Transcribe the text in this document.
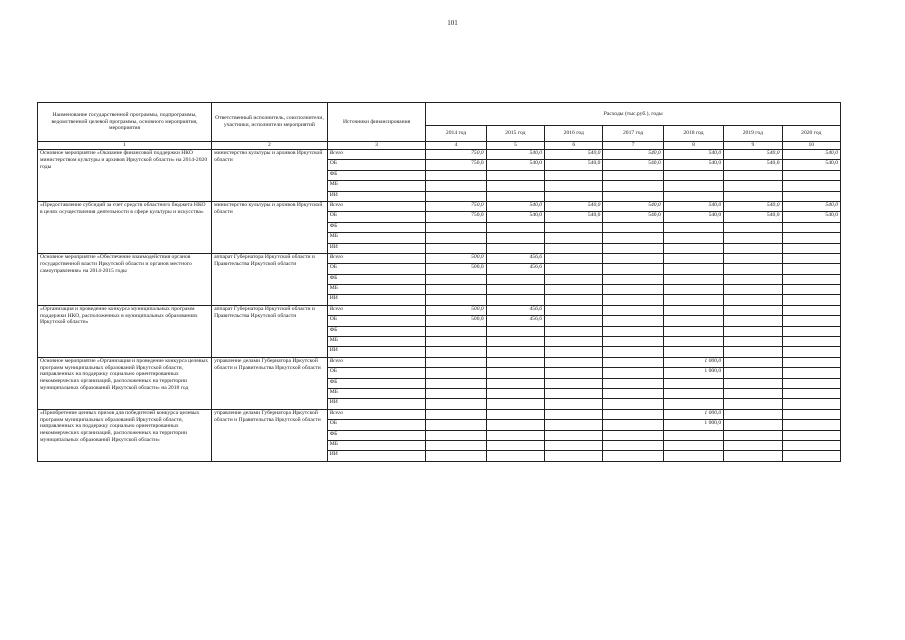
101
Наименование государственной программы, подпрограммы, ведомственной целевой программы, основного мероприятия, мероприятия	Ответственный исполнитель, соисполнители, участники, исполнители мероприятий	Источники финансирования	Расходы (тыс.руб.), годы						
			2014 год	2015 год	2016 год	2017 год	2018 год	2019 год	2020 год
1	2	3	4	5	6	7	8	9	10
Основное мероприятие «Оказание финансовой поддержки НКО министерством культуры и архивов Иркутской области» на 2014-2020 годы	министерство культуры и архивов Иркутской области	Всего	750,0	540,0	540,0	540,0	540,0	540,0	540,0
		ОБ	750,0	540,0	540,0	540,0	540,0	540,0	540,0
		ФБ							
		МБ							
		ИИ							
«Предоставление субсидий за счет средств областного бюджета НКО в целях осуществления деятельности в сфере культуры и искусства»	министерство культуры и архивов Иркутской области	Всего	750,0	540,0	540,0	540,0	540,0	540,0	540,0
		ОБ	750,0	540,0	540,0	540,0	540,0	540,0	540,0
		ФБ							
		МБ							
		ИИ							
Основное мероприятие «Обеспечение взаимодействия органов государственной власти Иркутской области и органов местного самоуправления» на 2014-2015 годы	аппарат Губернатора Иркутской области и Правительства Иркутской области	Всего	500,0	456,6					
		ОБ	500,0	456,6					
		ФБ							
		МБ							
		ИИ							
«Организация и проведение конкурса муниципальных программ поддержки НКО, расположенных в муниципальных образованиях Иркутской области»	аппарат Губернатора Иркутской области и Правительства Иркутской области	Всего	500,0	456,6					
		ОБ	500,0	456,6					
		ФБ							
		МБ							
		ИИ							
Основное мероприятие «Организация и проведение конкурса целевых программ муниципальных образований Иркутской области, направленных на поддержку социально ориентированных некоммерческих организаций, расположенных на территории муниципальных образований Иркутской области» на 2018 год	управление делами Губернатора Иркутской области и Правительства Иркутской области	Всего					1 000,0		
		ОБ					1 000,0		
		ФБ							
		МБ							
		ИИ							
«Приобретение ценных призов для победителей конкурса целевых программ муниципальных образований Иркутской области, направленных на поддержку социально ориентированных некоммерческих организаций, расположенных на территории муниципальных образований Иркутской области»	управление делами Губернатора Иркутской области и Правительства Иркутской области	Всего					1 000,0		
		ОБ					1 000,0		
		ФБ							
		МБ							
		ИИ							
